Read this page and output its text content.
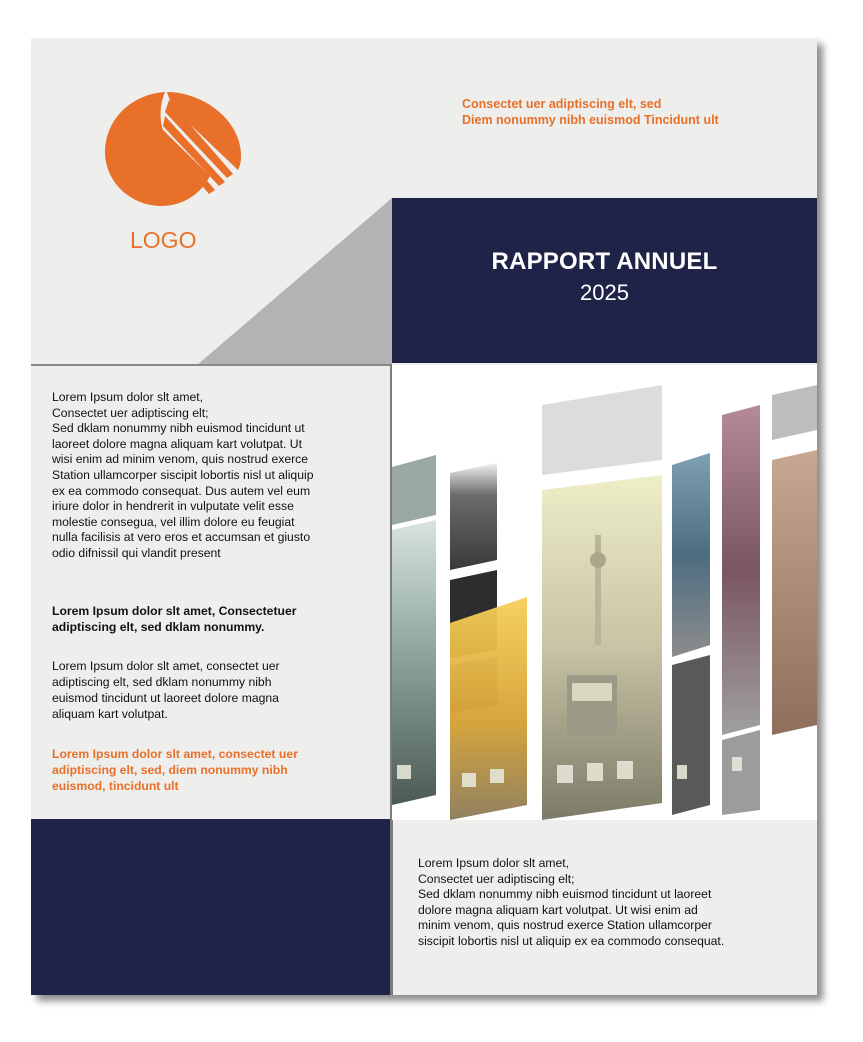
LOGO
Consectet uer adiptiscing elt, sed
Diem nonummy nibh euismod Tincidunt ult
RAPPORT ANNUEL
2025
Lorem Ipsum dolor slt amet,
Consectet uer adiptiscing elt;
Sed dklam nonummy nibh euismod tincidunt ut
laoreet dolore magna aliquam kart volutpat. Ut
wisi enim ad minim venom, quis nostrud exerce
Station ullamcorper siscipit lobortis nisl ut aliquip
ex ea commodo consequat. Dus autem vel eum
iriure dolor in hendrerit in vulputate velit esse
molestie consegua, vel illim dolore eu feugiat
nulla facilisis at vero eros et accumsan et giusto
odio difnissil qui vlandit present
Lorem Ipsum dolor slt amet, Consectetuer
adiptiscing elt, sed dklam nonummy.
Lorem Ipsum dolor slt amet, consectet uer
adiptiscing elt, sed dklam nonummy nibh
euismod tincidunt ut laoreet dolore magna
aliquam kart volutpat.
Lorem Ipsum dolor slt amet, consectet uer
adiptiscing elt, sed, diem nonummy nibh
euismod, tincidunt ult
Lorem Ipsum dolor slt amet,
Consectet uer adiptiscing elt;
Sed dklam nonummy nibh euismod tincidunt ut laoreet
dolore magna aliquam kart volutpat. Ut wisi enim ad
minim venom, quis nostrud exerce Station ullamcorper
siscipit lobortis nisl ut aliquip ex ea commodo consequat.
